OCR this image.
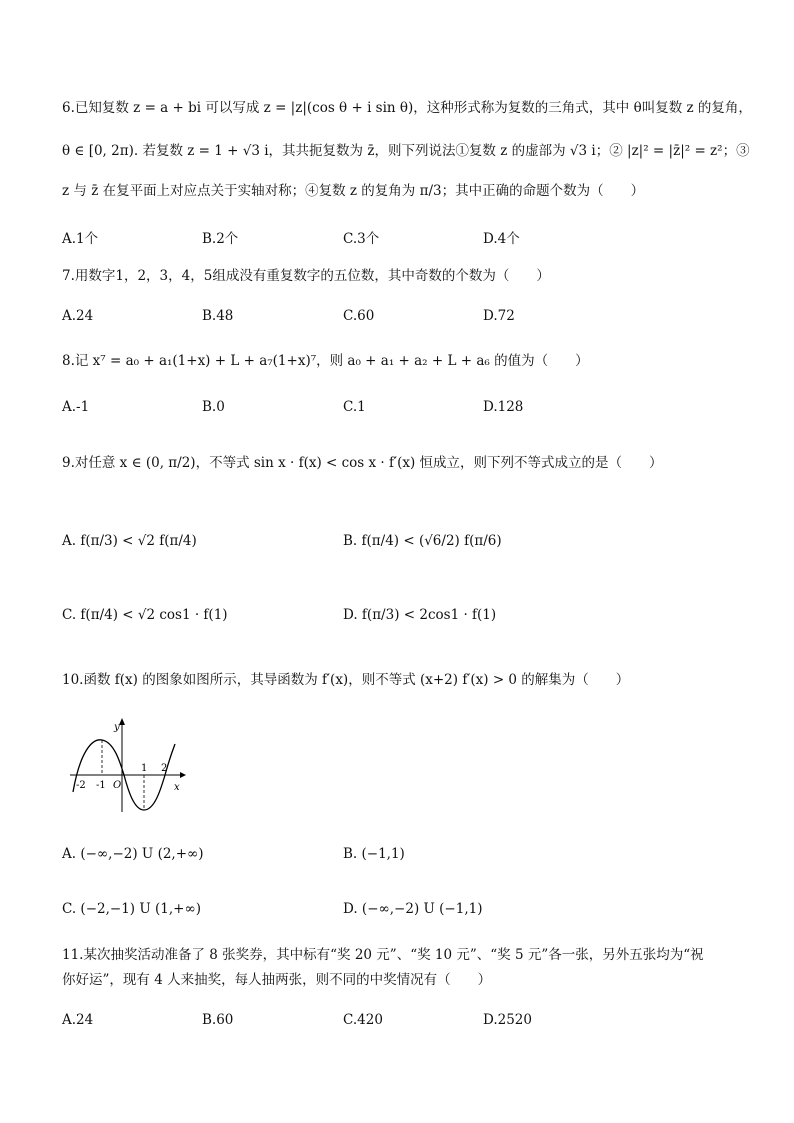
6.已知复数 z = a + bi 可以写成 z = |z|(cos θ + i sin θ)，这种形式称为复数的三角式，其中 θ叫复数 z 的复角，
θ ∈ [0, 2π). 若复数 z = 1 + √3 i，其共扼复数为 z̄，则下列说法①复数 z 的虚部为 √3 i；② |z|² = |z̄|² = z²；③
z 与 z̄ 在复平面上对应点关于实轴对称；④复数 z 的复角为 π/3；其中正确的命题个数为（　　）
A.1个	B.2个	C.3个	D.4个
7.用数字1，2，3，4，5组成没有重复数字的五位数，其中奇数的个数为（　　）
A.24	B.48	C.60	D.72
8.记 x⁷ = a₀ + a₁(1+x) + L + a₇(1+x)⁷，则 a₀ + a₁ + a₂ + L + a₆ 的值为（　　）
A.-1	B.0	C.1	D.128
9.对任意 x ∈ (0, π/2)，不等式 sin x · f(x) < cos x · f′(x) 恒成立，则下列不等式成立的是（　　）
A. f(π/3) < √2 f(π/4)	B. f(π/4) < (√6/2) f(π/6)
C. f(π/4) < √2 cos1 · f(1)	D. f(π/3) < 2cos1 · f(1)
10.函数 f(x) 的图象如图所示，其导函数为 f′(x)，则不等式 (x+2) f′(x) > 0 的解集为（　　）
y
x
O
-2 -1
1 2
A. (−∞,−2) U (2,+∞)	B. (−1,1)
C. (−2,−1) U (1,+∞)	D. (−∞,−2) U (−1,1)
11.某次抽奖活动准备了 8 张奖券，其中标有“奖 20 元”、“奖 10 元”、“奖 5 元”各一张，另外五张均为“祝
你好运”，现有 4 人来抽奖，每人抽两张，则不同的中奖情况有（　　）
A.24	B.60	C.420	D.2520
